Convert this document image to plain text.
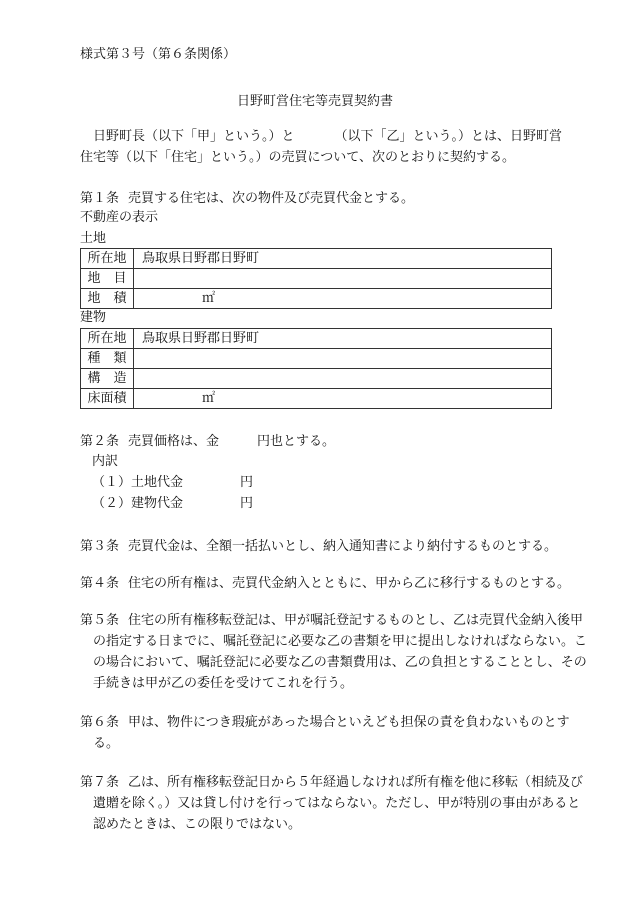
様式第３号（第６条関係）
日野町営住宅等売買契約書
日野町長（以下「甲」という。）と	（以下「乙」という。）とは、日野町営住宅等（以下「住宅」という。）の売買について、次のとおりに契約する。
第１条 売買する住宅は、次の物件及び売買代金とする。
不動産の表示
土地
所在地	鳥取県日野郡日野町
地　目	
地　積	㎡
建物
所在地	鳥取県日野郡日野町
種　類	
構　造	
床面積	㎡
第２条 売買価格は、金	円也とする。
内訳
（１）土地代金	円
（２）建物代金	円
第３条 売買代金は、全額一括払いとし、納入通知書により納付するものとする。
第４条 住宅の所有権は、売買代金納入とともに、甲から乙に移行するものとする。
第５条 住宅の所有権移転登記は、甲が嘱託登記するものとし、乙は売買代金納入後甲の指定する日までに、嘱託登記に必要な乙の書類を甲に提出しなければならない。この場合において、嘱託登記に必要な乙の書類費用は、乙の負担とすることとし、その手続きは甲が乙の委任を受けてこれを行う。
第６条 甲は、物件につき瑕疵があった場合といえども担保の責を負わないものとする。
第７条 乙は、所有権移転登記日から５年経過しなければ所有権を他に移転（相続及び遺贈を除く。）又は貸し付けを行ってはならない。ただし、甲が特別の事由があると認めたときは、この限りではない。
